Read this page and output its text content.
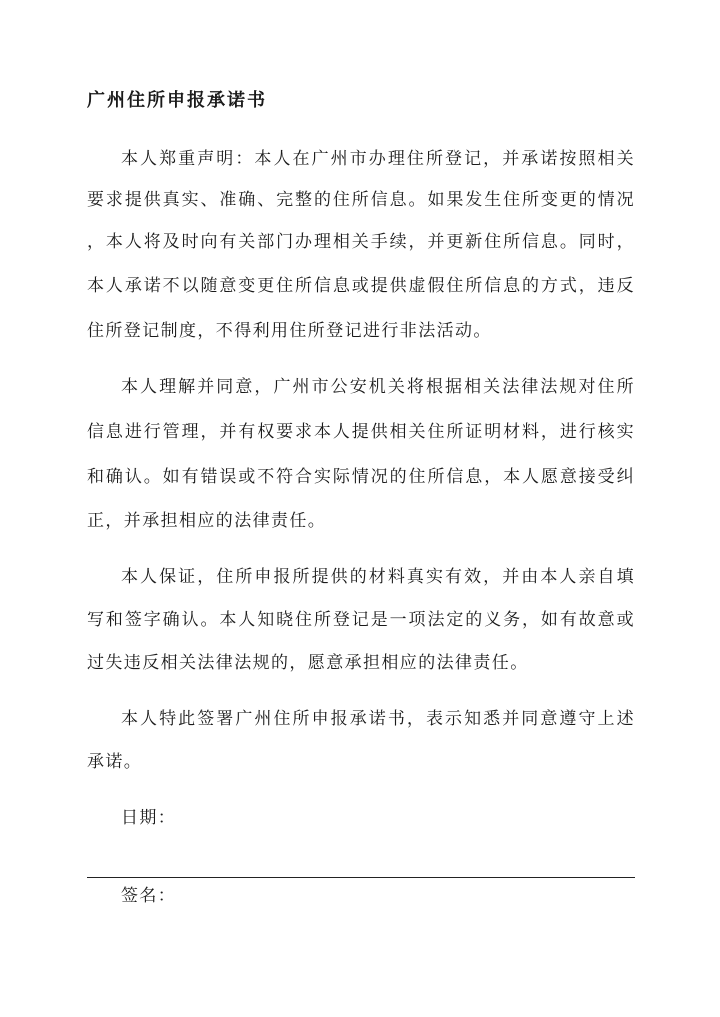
广州住所申报承诺书
本人郑重声明：本人在广州市办理住所登记，并承诺按照相关
要求提供真实、准确、完整的住所信息。如果发生住所变更的情况
，本人将及时向有关部门办理相关手续，并更新住所信息。同时，
本人承诺不以随意变更住所信息或提供虚假住所信息的方式，违反
住所登记制度，不得利用住所登记进行非法活动。
本人理解并同意，广州市公安机关将根据相关法律法规对住所
信息进行管理，并有权要求本人提供相关住所证明材料，进行核实
和确认。如有错误或不符合实际情况的住所信息，本人愿意接受纠
正，并承担相应的法律责任。
本人保证，住所申报所提供的材料真实有效，并由本人亲自填
写和签字确认。本人知晓住所登记是一项法定的义务，如有故意或
过失违反相关法律法规的，愿意承担相应的法律责任。
本人特此签署广州住所申报承诺书，表示知悉并同意遵守上述
承诺。
日期：
签名：
